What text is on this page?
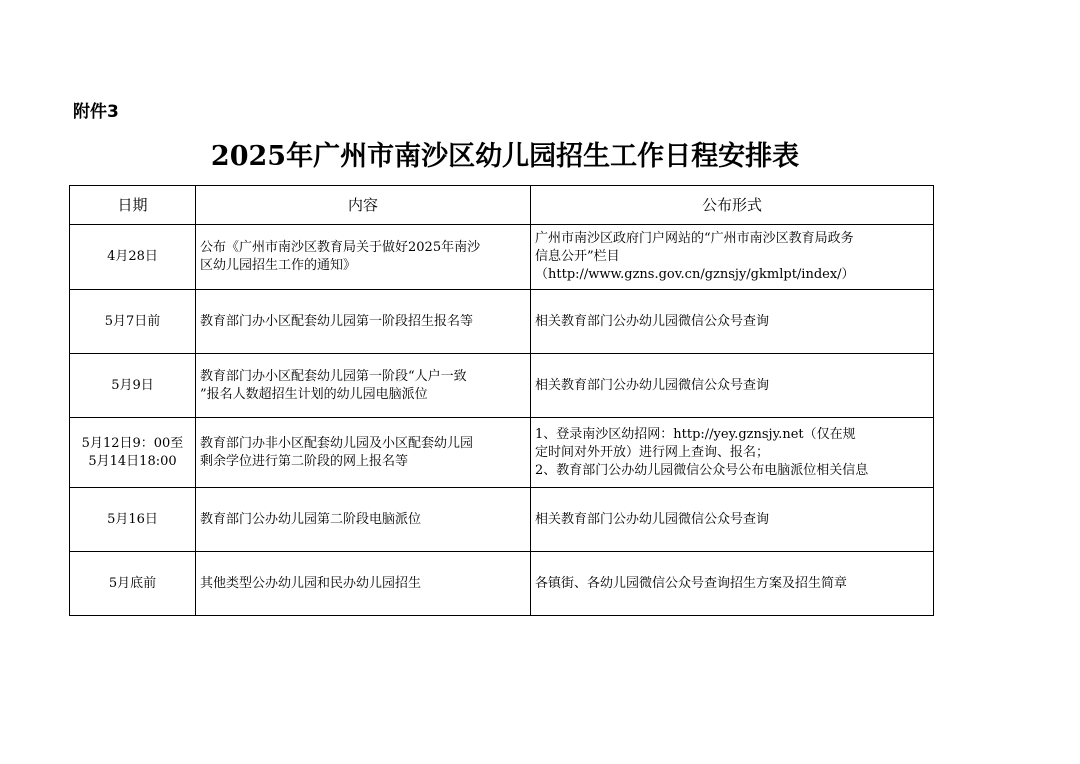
附件3
2025年广州市南沙区幼儿园招生工作日程安排表
日期	内容	公布形式

4月28日	公布《广州市南沙区教育局关于做好2025年南沙
区幼儿园招生工作的通知》	广州市南沙区政府门户网站的“广州市南沙区教育局政务
信息公开”栏目
（http://www.gzns.gov.cn/gznsjy/gkmlpt/index/）

5月7日前	教育部门办小区配套幼儿园第一阶段招生报名等	相关教育部门公办幼儿园微信公众号查询

5月9日	教育部门办小区配套幼儿园第一阶段“人户一致
”报名人数超招生计划的幼儿园电脑派位	相关教育部门公办幼儿园微信公众号查询

5月12日9：00至
5月14日18:00	教育部门办非小区配套幼儿园及小区配套幼儿园
剩余学位进行第二阶段的网上报名等	1、登录南沙区幼招网：http://yey.gznsjy.net（仅在规
定时间对外开放）进行网上查询、报名；
2、教育部门公办幼儿园微信公众号公布电脑派位相关信息

5月16日	教育部门公办幼儿园第二阶段电脑派位	相关教育部门公办幼儿园微信公众号查询

5月底前	其他类型公办幼儿园和民办幼儿园招生	各镇街、各幼儿园微信公众号查询招生方案及招生简章
